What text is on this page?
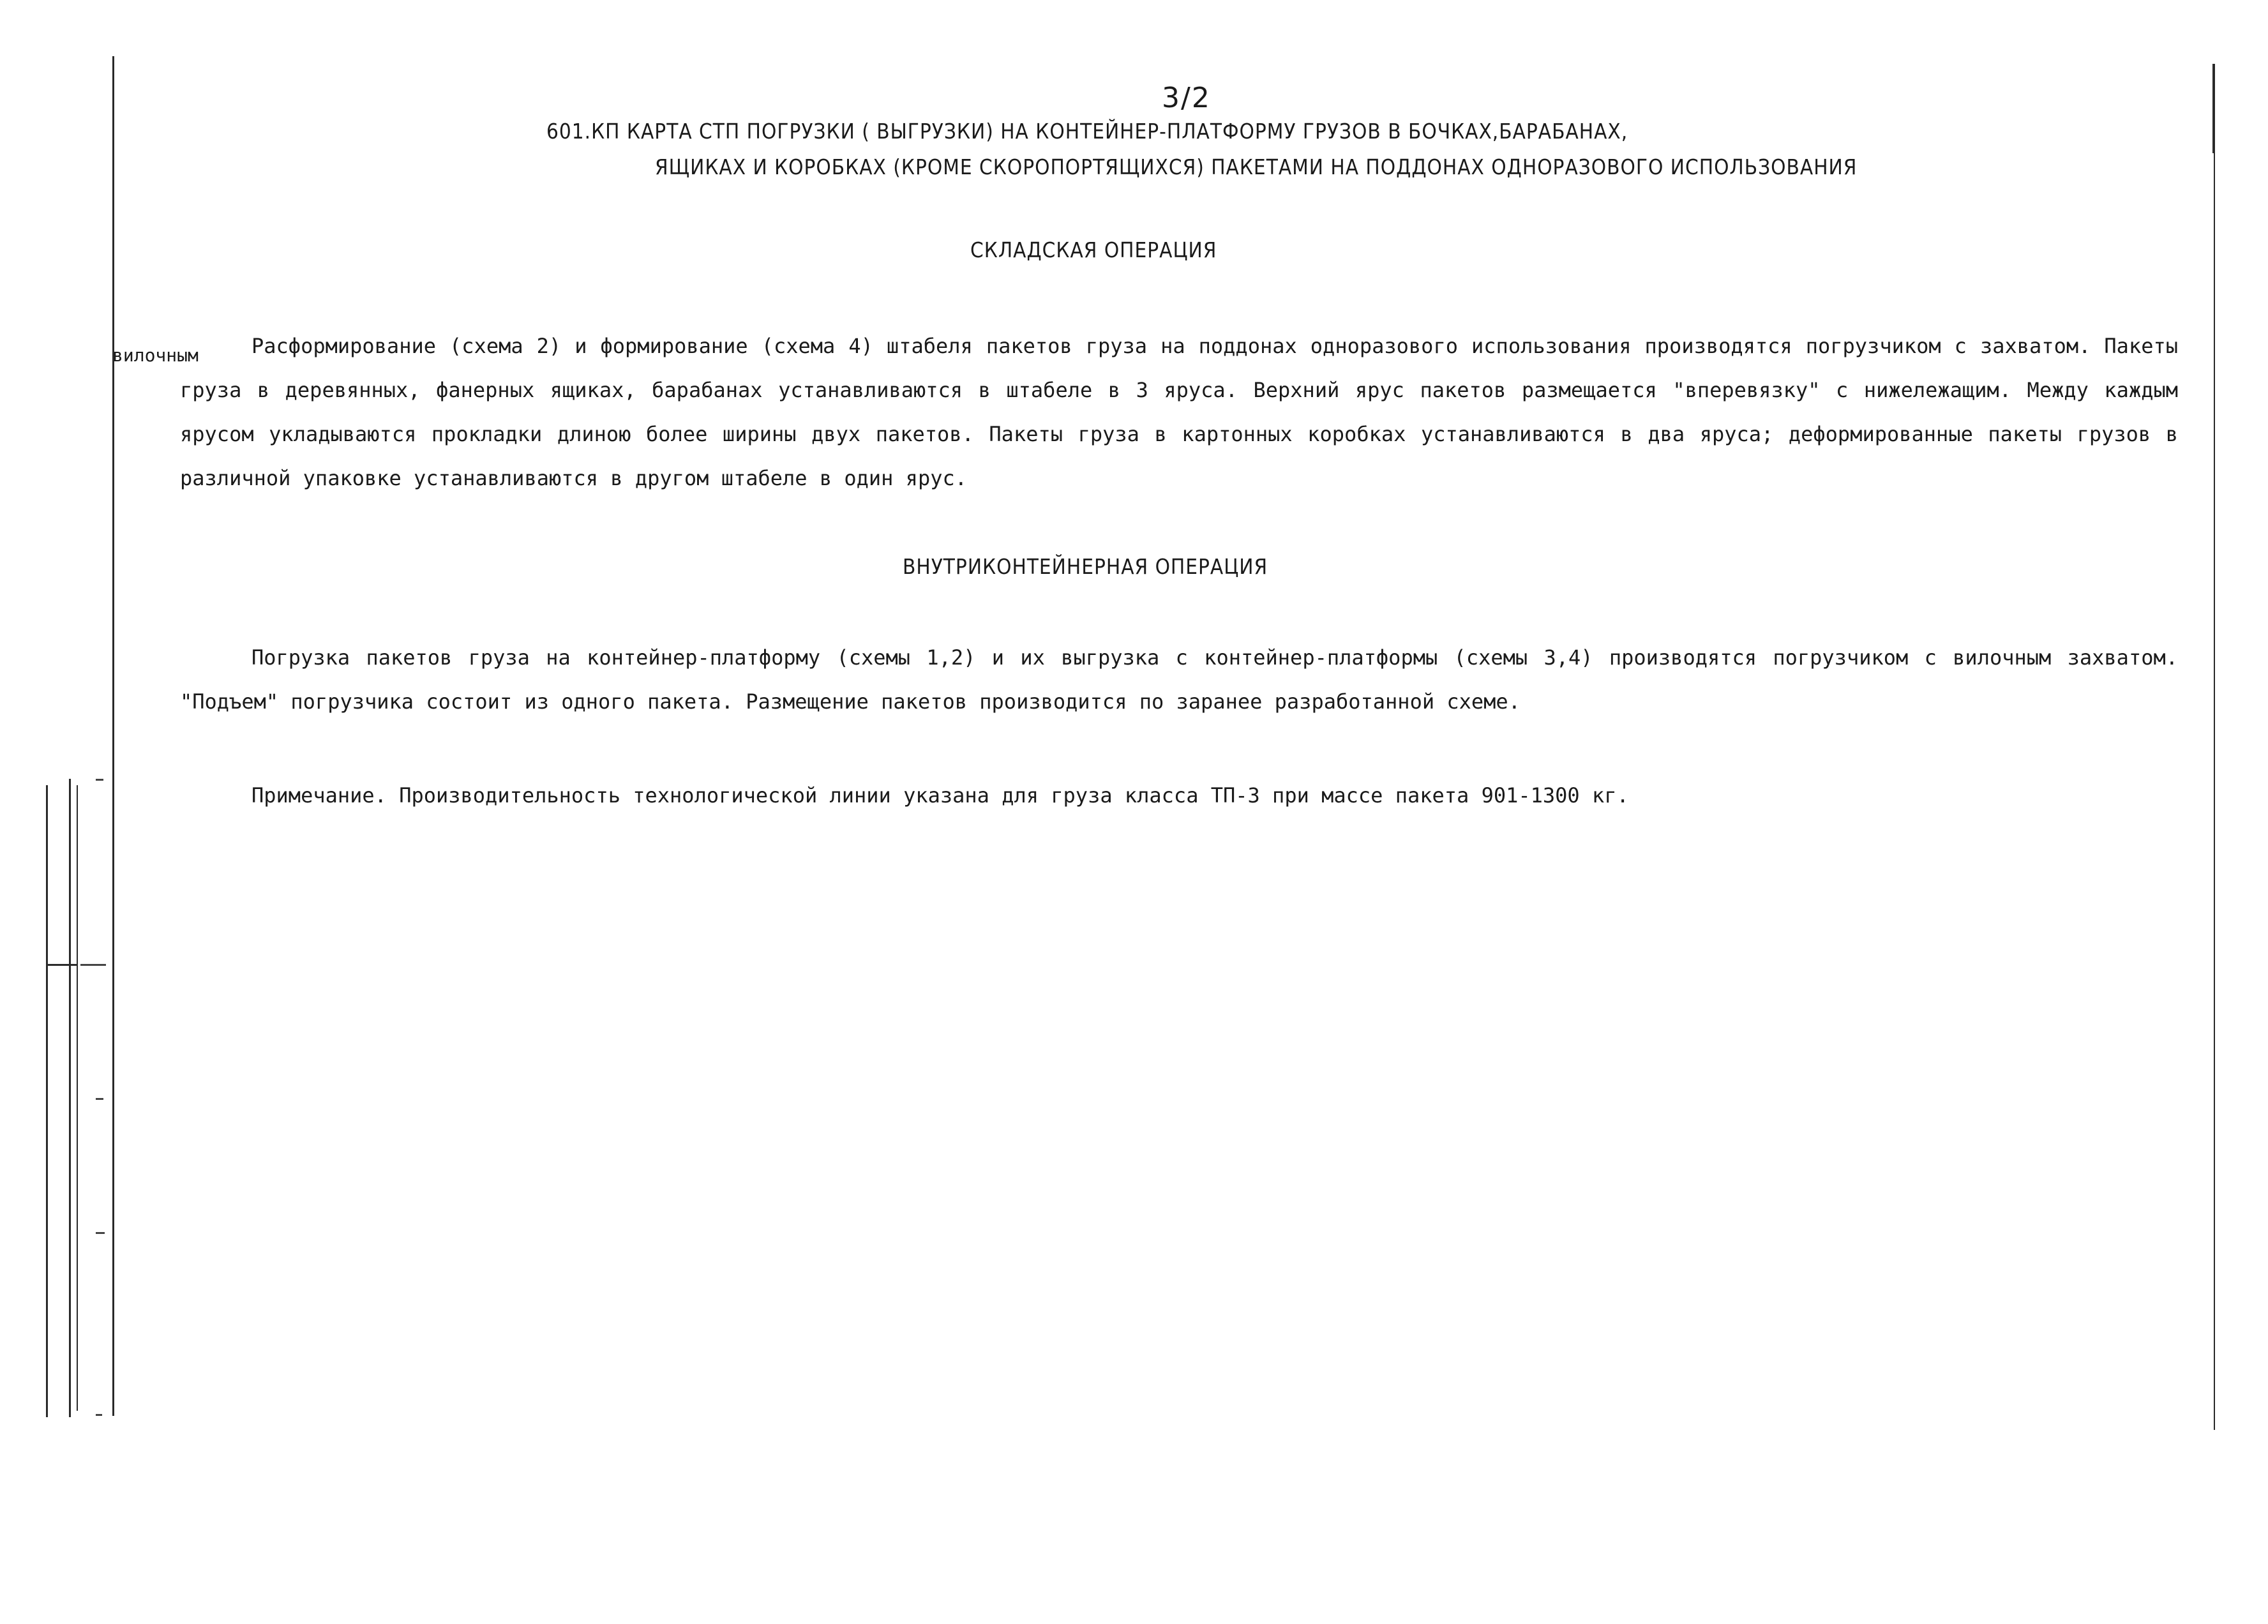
3/2
601.КП КАРТА СТП ПОГРУЗКИ ( ВЫГРУЗКИ) НА КОНТЕЙНЕР-ПЛАТФОРМУ ГРУЗОВ В БОЧКАХ,БАРАБАНАХ,
ЯЩИКАХ И КОРОБКАХ (КРОМЕ СКОРОПОРТЯЩИХСЯ) ПАКЕТАМИ НА ПОДДОНАХ ОДНОРАЗОВОГО ИСПОЛЬЗОВАНИЯ
СКЛАДСКАЯ ОПЕРАЦИЯ
вилочным	Расформирование (схема 2) и формирование (схема 4) штабеля пакетов груза на поддонах одноразового использования производятся погрузчиком с захватом. Пакеты груза в деревянных, фанерных ящиках, барабанах устанавливаются в штабеле в 3 яруса. Верхний ярус пакетов размещается "вперевязку" с нижележащим. Между каждым ярусом укладываются прокладки длиною более ширины двух пакетов. Пакеты груза в картонных коробках устанавливаются в два яруса; деформированные пакеты грузов в различной упаковке устанавливаются в другом штабеле в один ярус.
ВНУТРИКОНТЕЙНЕРНАЯ ОПЕРАЦИЯ
Погрузка пакетов груза на контейнер-платформу (схемы 1,2) и их выгрузка с контейнер-платформы (схемы 3,4) производятся погрузчиком с вилочным захватом. "Подъем" погрузчика состоит из одного пакета. Размещение пакетов производится по заранее разработанной схеме.
Примечание. Производительность технологической линии указана для груза класса ТП-3 при массе пакета 901-1300 кг.
